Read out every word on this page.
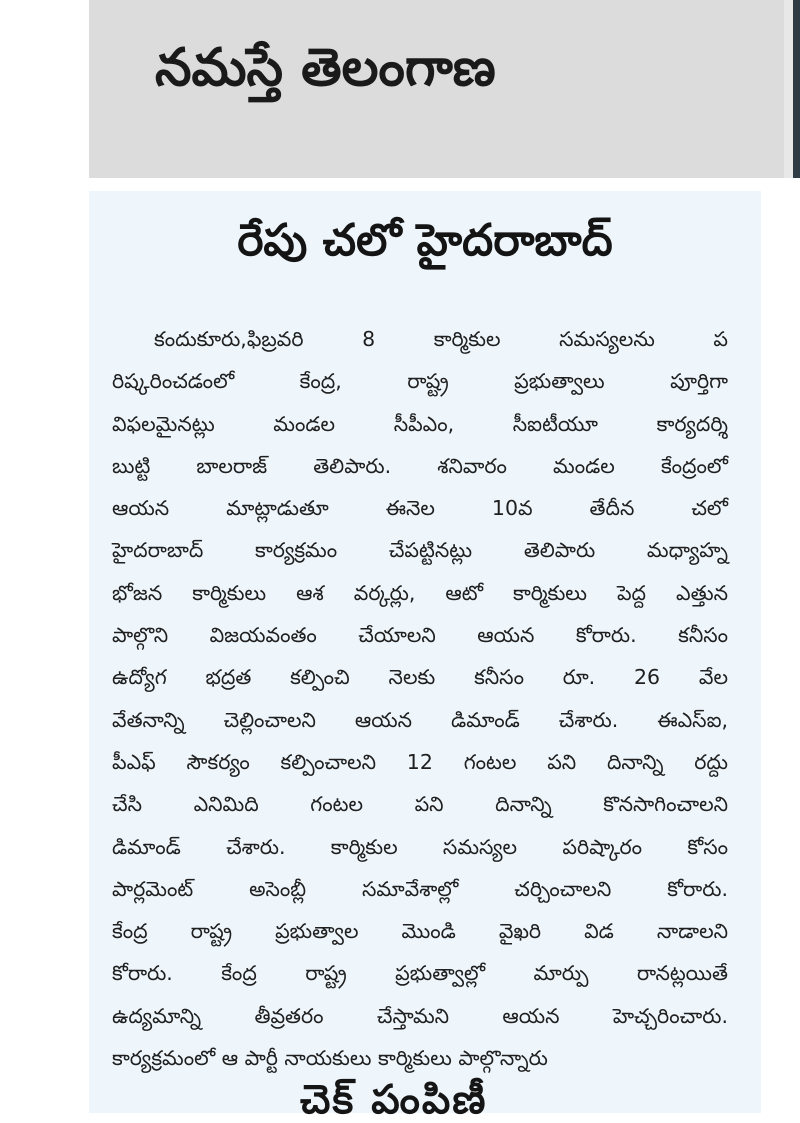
నమస్తే తెలంగాణ
రేపు చలో హైదరాబాద్
కందుకూరు,ఫిబ్రవరి 8 కార్మికుల సమస్యలను ప
రిష్కరించడంలో కేంద్ర, రాష్ట్ర ప్రభుత్వాలు పూర్తిగా
విఫలమైనట్లు మండల సీపీఎం, సీఐటీయూ కార్యదర్శి
బుట్టి బాలరాజ్ తెలిపారు. శనివారం మండల కేంద్రంలో
ఆయన మాట్లాడుతూ ఈనెల 10వ తేదీన చలో
హైదరాబాద్ కార్యక్రమం చేపట్టినట్లు తెలిపారు మధ్యాహ్న
భోజన కార్మికులు ఆశ వర్కర్లు, ఆటో కార్మికులు పెద్ద ఎత్తున
పాల్గొని విజయవంతం చేయాలని ఆయన కోరారు. కనీసం
ఉద్యోగ భద్రత కల్పించి నెలకు కనీసం రూ. 26 వేల
వేతనాన్ని చెల్లించాలని ఆయన డిమాండ్ చేశారు. ఈఎస్ఐ,
పీఎఫ్ సౌకర్యం కల్పించాలని 12 గంటల పని దినాన్ని రద్దు
చేసి ఎనిమిది గంటల పని దినాన్ని కొనసాగించాలని
డిమాండ్ చేశారు. కార్మికుల సమస్యల పరిష్కారం కోసం
పార్లమెంట్ అసెంబ్లీ సమావేశాల్లో చర్చించాలని కోరారు.
కేంద్ర రాష్ట్ర ప్రభుత్వాల మొండి వైఖరి విడ నాడాలని
కోరారు. కేంద్ర రాష్ట్ర ప్రభుత్వాల్లో మార్పు రానట్లయితే
ఉద్యమాన్ని తీవ్రతరం చేస్తామని ఆయన హెచ్చరించారు.
కార్యక్రమంలో ఆ పార్టీ నాయకులు కార్మికులు పాల్గొన్నారు
చెక్ పంపిణీ
